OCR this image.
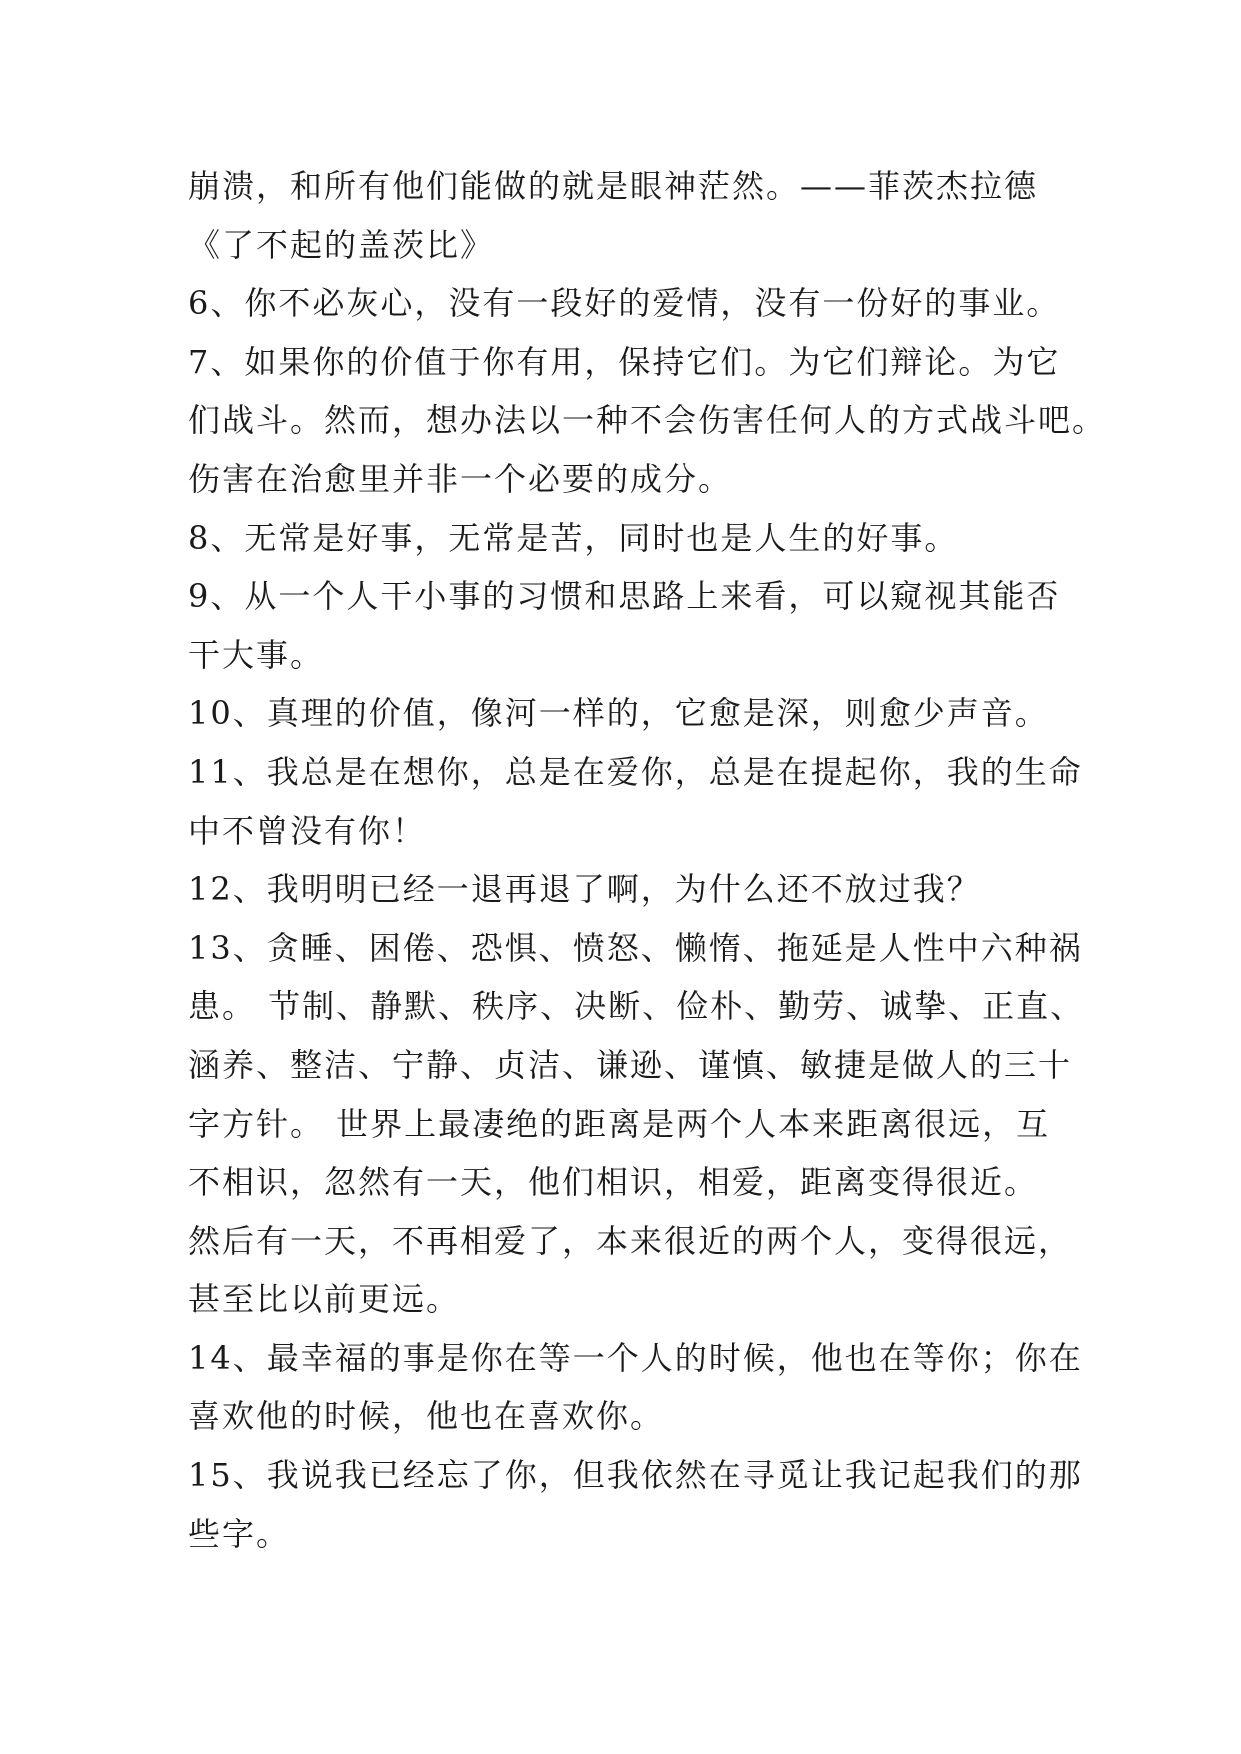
崩溃，和所有他们能做的就是眼神茫然。——菲茨杰拉德
《了不起的盖茨比》
6、你不必灰心，没有一段好的爱情，没有一份好的事业。
7、如果你的价值于你有用，保持它们。为它们辩论。为它
们战斗。然而，想办法以一种不会伤害任何人的方式战斗吧。
伤害在治愈里并非一个必要的成分。
8、无常是好事，无常是苦，同时也是人生的好事。
9、从一个人干小事的习惯和思路上来看，可以窥视其能否
干大事。
10、真理的价值，像河一样的，它愈是深，则愈少声音。
11、我总是在想你，总是在爱你，总是在提起你，我的生命
中不曾没有你！
12、我明明已经一退再退了啊，为什么还不放过我？
13、贪睡、困倦、恐惧、愤怒、懒惰、拖延是人性中六种祸
患。 节制、静默、秩序、决断、俭朴、勤劳、诚挚、正直、
涵养、整洁、宁静、贞洁、谦逊、谨慎、敏捷是做人的三十
字方针。 世界上最凄绝的距离是两个人本来距离很远，互
不相识，忽然有一天，他们相识，相爱，距离变得很近。
然后有一天，不再相爱了，本来很近的两个人，变得很远，
甚至比以前更远。
14、最幸福的事是你在等一个人的时候，他也在等你；你在
喜欢他的时候，他也在喜欢你。
15、我说我已经忘了你，但我依然在寻觅让我记起我们的那
些字。
